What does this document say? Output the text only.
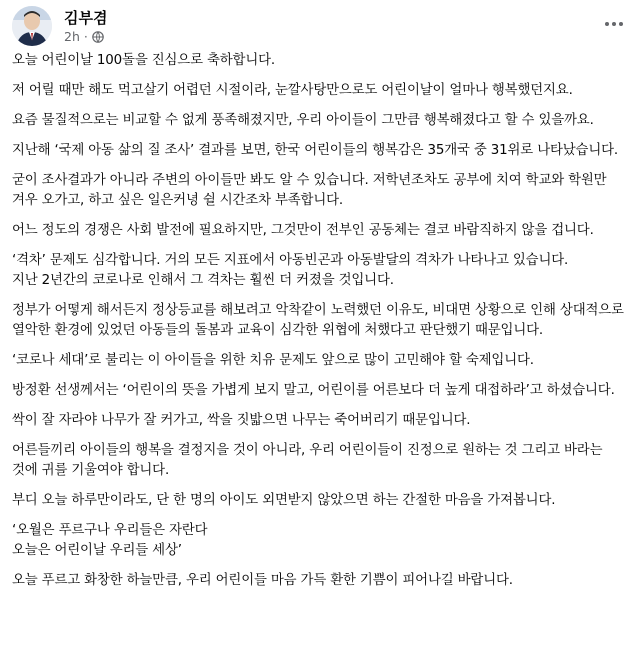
김부겸
2h ·

오늘 어린이날 100돌을 진심으로 축하합니다.

저 어릴 때만 해도 먹고살기 어렵던 시절이라, 눈깔사탕만으로도 어린이날이 얼마나 행복했던지요.

요즘 물질적으로는 비교할 수 없게 풍족해졌지만, 우리 아이들이 그만큼 행복해졌다고 할 수 있을까요.

지난해 ‘국제 아동 삶의 질 조사’ 결과를 보면, 한국 어린이들의 행복감은 35개국 중 31위로 나타났습니다.

굳이 조사결과가 아니라 주변의 아이들만 봐도 알 수 있습니다. 저학년조차도 공부에 치여 학교와 학원만 겨우 오가고, 하고 싶은 일은커녕 쉴 시간조차 부족합니다.

어느 정도의 경쟁은 사회 발전에 필요하지만, 그것만이 전부인 공동체는 결코 바람직하지 않을 겁니다.

‘격차’ 문제도 심각합니다. 거의 모든 지표에서 아동빈곤과 아동발달의 격차가 나타나고 있습니다.
지난 2년간의 코로나로 인해서 그 격차는 훨씬 더 커졌을 것입니다.

정부가 어떻게 해서든지 정상등교를 해보려고 악착같이 노력했던 이유도, 비대면 상황으로 인해 상대적으로 열악한 환경에 있었던 아동들의 돌봄과 교육이 심각한 위협에 처했다고 판단했기 때문입니다.

‘코로나 세대’로 불리는 이 아이들을 위한 치유 문제도 앞으로 많이 고민해야 할 숙제입니다.

방정환 선생께서는 ‘어린이의 뜻을 가볍게 보지 말고, 어린이를 어른보다 더 높게 대접하라’고 하셨습니다.

싹이 잘 자라야 나무가 잘 커가고, 싹을 짓밟으면 나무는 죽어버리기 때문입니다.

어른들끼리 아이들의 행복을 결정지을 것이 아니라, 우리 어린이들이 진정으로 원하는 것 그리고 바라는 것에 귀를 기울여야 합니다.

부디 오늘 하루만이라도, 단 한 명의 아이도 외면받지 않았으면 하는 간절한 마음을 가져봅니다.

‘오월은 푸르구나 우리들은 자란다
오늘은 어린이날 우리들 세상’

오늘 푸르고 화창한 하늘만큼, 우리 어린이들 마음 가득 환한 기쁨이 피어나길 바랍니다.
